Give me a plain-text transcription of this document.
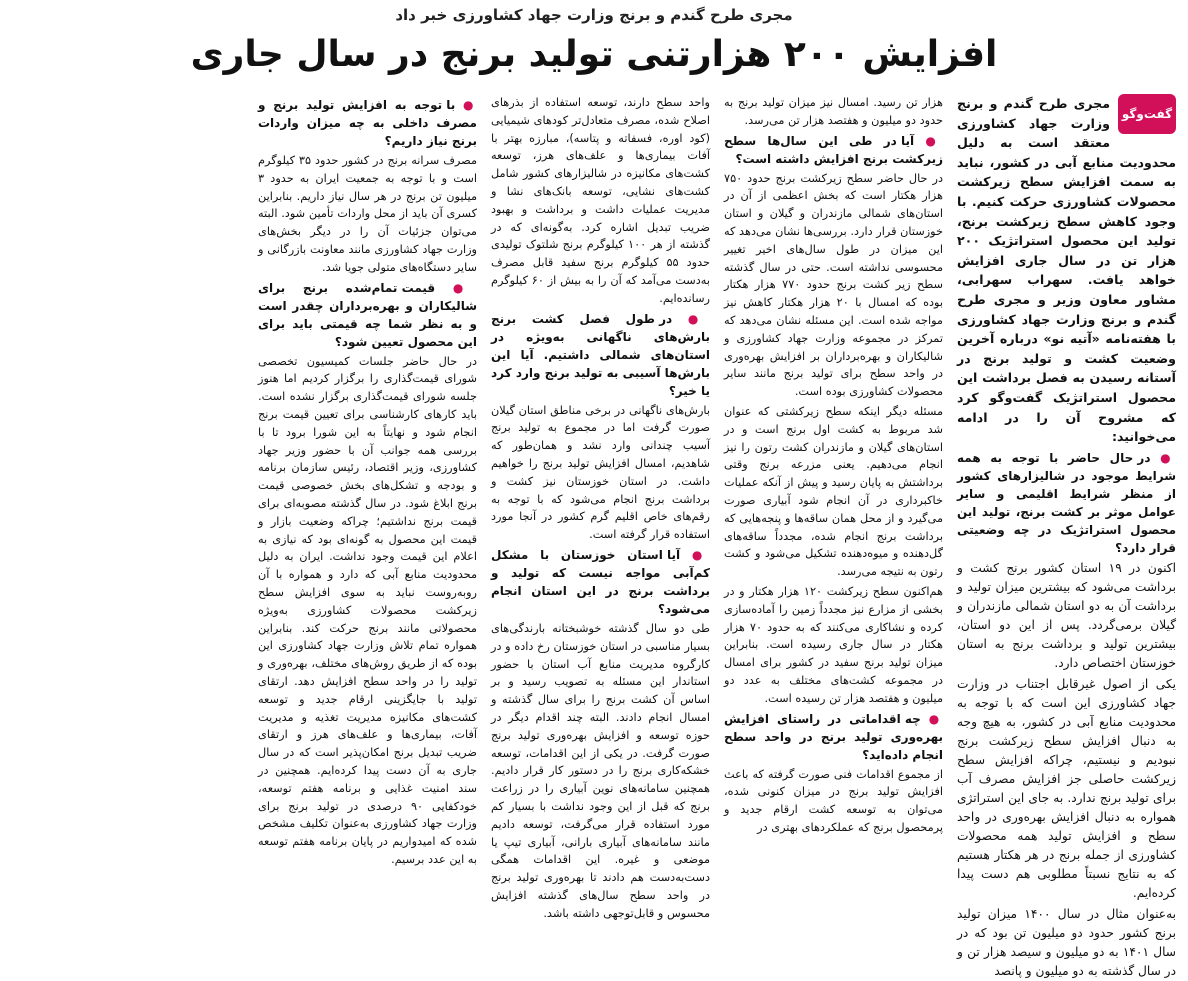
مجری طرح گندم و برنج وزارت جهاد کشاورزی خبر داد
افزایش ۲۰۰ هزارتنی تولید برنج در سال جاری
گفت‌وگو

مجری طرح گندم و برنج وزارت جهاد کشاورزی معتقد است به دلیل محدودیت منابع آبی در کشور، نباید به سمت افزایش سطح زیرکشت محصولات کشاورزی حرکت کنیم. با وجود کاهش سطح زیرکشت برنج، تولید این محصول استراتژیک ۲۰۰ هزار تن در سال جاری افزایش خواهد یافت. سهراب سهرابی، مشاور معاون وزیر و مجری طرح گندم و برنج وزارت جهاد کشاورزی با هفته‌نامه «آتیه نو» درباره آخرین وضعیت کشت و تولید برنج در آستانه رسیدن به فصل برداشت این محصول استراتژیک گفت‌وگو کرد که مشروح آن را در ادامه می‌خوانید:

● در حال حاضر با توجه به همه شرایط موجود در شالیزارهای کشور از منظر شرایط اقلیمی و سایر عوامل موثر بر کشت برنج، تولید این محصول استراتژیک در چه وضعیتی قرار دارد؟

اکنون در ۱۹ استان کشور برنج کشت و برداشت می‌شود که بیشترین میزان تولید و برداشت آن به دو استان شمالی مازندران و گیلان برمی‌گردد. پس از این دو استان، بیشترین تولید و برداشت برنج به استان خوزستان اختصاص دارد.

یکی از اصول غیرقابل اجتناب در وزارت جهاد کشاورزی این است که با توجه به محدودیت منابع آبی در کشور، به هیچ وجه به دنبال افزایش سطح زیرکشت برنج نبودیم و نیستیم، چراکه افزایش سطح زیرکشت حاصلی جز افزایش مصرف آب برای تولید برنج ندارد. به جای این استراتژی همواره به دنبال افزایش بهره‌وری در واحد سطح و افزایش تولید همه محصولات کشاورزی از جمله برنج در هر هکتار هستیم که به نتایج نسبتاً مطلوبی هم دست پیدا کرده‌ایم.

به‌عنوان مثال در سال ۱۴۰۰ میزان تولید برنج کشور حدود دو میلیون تن بود که در سال ۱۴۰۱ به دو میلیون و سیصد هزار تن و در سال گذشته به دو میلیون و پانصد

هزار تن رسید. امسال نیز میزان تولید برنج به حدود دو میلیون و هفتصد هزار تن می‌رسد.

● آیا در طی این سال‌ها سطح زیرکشت برنج افزایش داشته است؟

در حال حاضر سطح زیرکشت برنج حدود ۷۵۰ هزار هکتار است که بخش اعظمی از آن در استان‌های شمالی مازندران و گیلان و استان خوزستان قرار دارد. بررسی‌ها نشان می‌دهد که این میزان در طول سال‌های اخیر تغییر محسوسی نداشته است. حتی در سال گذشته سطح زیر کشت برنج حدود ۷۷۰ هزار هکتار بوده که امسال با ۲۰ هزار هکتار کاهش نیز مواجه شده است. این مسئله نشان می‌دهد که تمرکز در مجموعه وزارت جهاد کشاورزی و شالیکاران و بهره‌برداران بر افزایش بهره‌وری در واحد سطح برای تولید برنج مانند سایر محصولات کشاورزی بوده است.

مسئله دیگر اینکه سطح زیرکشتی که عنوان شد مربوط به کشت اول برنج است و در استان‌های گیلان و مازندران کشت رتون را نیز انجام می‌دهیم. یعنی مزرعه برنج وقتی برداشتش به پایان رسید و پیش از آنکه عملیات خاکبرداری در آن انجام شود آبیاری صورت می‌گیرد و از محل همان ساقه‌ها و پنجه‌هایی که برداشت برنج انجام شده، مجدداً ساقه‌های گل‌دهنده و میوه‌دهنده تشکیل می‌شود و کشت رتون به نتیجه می‌رسد.

هم‌اکنون سطح زیرکشت ۱۲۰ هزار هکتار و در بخشی از مزارع نیز مجدداً زمین را آماده‌سازی کرده و نشاکاری می‌کنند که به حدود ۷۰ هزار هکتار در سال جاری رسیده است. بنابراین میزان تولید برنج سفید در کشور برای امسال در مجموعه کشت‌های مختلف به عدد دو میلیون و هفتصد هزار تن رسیده است.

● چه اقداماتی در راستای افزایش بهره‌وری تولید برنج در واحد سطح انجام داده‌اید؟

از مجموع اقدامات فنی صورت گرفته که باعث افزایش تولید برنج در میزان کنونی شده، می‌توان به توسعه کشت ارقام جدید و پرمحصول برنج که عملکردهای بهتری در

واحد سطح دارند، توسعه استفاده از بذرهای اصلاح شده، مصرف متعادل‌تر کودهای شیمیایی (کود اوره، فسفاته و پتاسه)، مبارزه بهتر با آفات بیماری‌ها و علف‌های هرز، توسعه کشت‌های مکانیزه در شالیزارهای کشور شامل کشت‌های نشایی، توسعه بانک‌های نشا و مدیریت عملیات داشت و برداشت و بهبود ضریب تبدیل اشاره کرد. به‌گونه‌ای که در گذشته از هر ۱۰۰ کیلوگرم برنج شلتوک تولیدی حدود ۵۵ کیلوگرم برنج سفید قابل مصرف به‌دست می‌آمد که آن را به بیش از ۶۰ کیلوگرم رسانده‌ایم.

● در طول فصل کشت برنج بارش‌های ناگهانی به‌ویژه در استان‌های شمالی داشتیم. آیا این بارش‌ها آسیبی به تولید برنج وارد کرد یا خیر؟

بارش‌های ناگهانی در برخی مناطق استان گیلان صورت گرفت اما در مجموع به تولید برنج آسیب چندانی وارد نشد و همان‌طور که شاهدیم، امسال افزایش تولید برنج را خواهیم داشت. در استان خوزستان نیز کشت و برداشت برنج انجام می‌شود که با توجه به رقم‌های خاص اقلیم گرم کشور در آنجا مورد استفاده قرار گرفته است.

● آیا استان خوزستان با مشکل کم‌آبی مواجه نیست که تولید و برداشت برنج در این استان انجام می‌شود؟

طی دو سال گذشته خوشبختانه بارندگی‌های بسیار مناسبی در استان خوزستان رخ داده و در کارگروه مدیریت منابع آب استان با حضور استاندار این مسئله به تصویب رسید و بر اساس آن کشت برنج را برای سال گذشته و امسال انجام دادند. البته چند اقدام دیگر در حوزه توسعه و افزایش بهره‌وری تولید برنج صورت گرفت. در یکی از این اقدامات، توسعه خشکه‌کاری برنج را در دستور کار قرار دادیم. همچنین سامانه‌های نوین آبیاری را در زراعت برنج که قبل از این وجود نداشت با بسیار کم مورد استفاده قرار می‌گرفت، توسعه دادیم مانند سامانه‌های آبیاری بارانی، آبیاری تیپ یا موضعی و غیره. این اقدامات همگی دست‌به‌دست هم دادند تا بهره‌وری تولید برنج در واحد سطح سال‌های گذشته افزایش محسوس و قابل‌توجهی داشته باشد.

● با توجه به افزایش تولید برنج و مصرف داخلی به چه میزان واردات برنج نیاز داریم؟

مصرف سرانه برنج در کشور حدود ۳۵ کیلوگرم است و با توجه به جمعیت ایران به حدود ۳ میلیون تن برنج در هر سال نیاز داریم. بنابراین کسری آن باید از محل واردات تأمین شود. البته می‌توان جزئیات آن را در دیگر بخش‌های وزارت جهاد کشاورزی مانند معاونت بازرگانی و سایر دستگاه‌های متولی جویا شد.

● قیمت تمام‌شده برنج برای شالیکاران و بهره‌برداران چقدر است و به نظر شما چه قیمتی باید برای این محصول تعیین شود؟

در حال حاضر جلسات کمیسیون تخصصی شورای قیمت‌گذاری را برگزار کردیم اما هنوز جلسه شورای قیمت‌گذاری برگزار نشده است. باید کارهای کارشناسی برای تعیین قیمت برنج انجام شود و نهایتاً به این شورا برود تا با بررسی همه جوانب آن با حضور وزیر جهاد کشاورزی، وزیر اقتصاد، رئیس سازمان برنامه و بودجه و تشکل‌های بخش خصوصی قیمت برنج ابلاغ شود. در سال گذشته مصوبه‌ای برای قیمت برنج نداشتیم؛ چراکه وضعیت بازار و قیمت این محصول به گونه‌ای بود که نیازی به اعلام این قیمت وجود نداشت. ایران به دلیل محدودیت منابع آبی که دارد و همواره با آن روبه‌روست نباید به سوی افزایش سطح زیرکشت محصولات کشاورزی به‌ویژه محصولاتی مانند برنج حرکت کند. بنابراین همواره تمام تلاش وزارت جهاد کشاورزی این بوده که از طریق روش‌های مختلف، بهره‌وری و تولید را در واحد سطح افزایش دهد. ارتقای تولید با جایگزینی ارقام جدید و توسعه کشت‌های مکانیزه مدیریت تغذیه و مدیریت آفات، بیماری‌ها و علف‌های هرز و ارتقای ضریب تبدیل برنج امکان‌پذیر است که در سال جاری به آن دست پیدا کرده‌ایم. همچنین در سند امنیت غذایی و برنامه هفتم توسعه، خودکفایی ۹۰ درصدی در تولید برنج برای وزارت جهاد کشاورزی به‌عنوان تکلیف مشخص شده که امیدواریم در پایان برنامه هفتم توسعه به این عدد برسیم.
